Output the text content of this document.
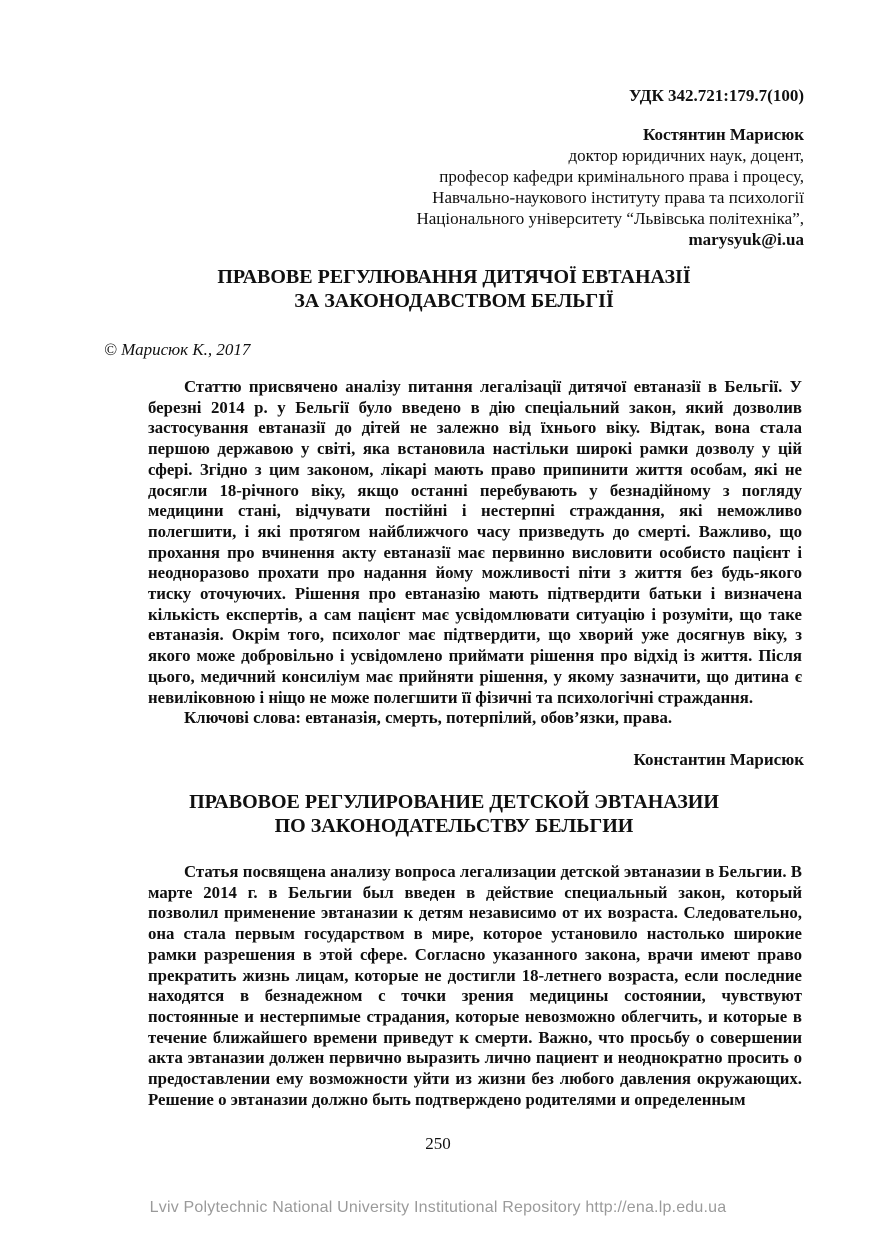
УДК 342.721:179.7(100)

Костянтин Марисюк

доктор юридичних наук, доцент,

професор кафедри кримінального права і процесу,

Навчально-наукового інституту права та психології

Національного університету “Львівська політехніка”,

marysyuk@i.ua

ПРАВОВЕ РЕГУЛЮВАННЯ ДИТЯЧОЇ ЕВТАНАЗІЇ

ЗА ЗАКОНОДАВСТВОМ БЕЛЬГІЇ

© Марисюк К., 2017

Статтю присвячено аналізу питання легалізації дитячої евтаназії в Бельгії. У березні 2014 р. у Бельгії було введено в дію спеціальний закон, який дозволив застосування евтаназії до дітей не залежно від їхнього віку. Відтак, вона стала першою державою у світі, яка встановила настільки широкі рамки дозволу у цій сфері. Згідно з цим законом, лікарі мають право припинити життя особам, які не досягли 18-річного віку, якщо останні перебувають у безнадійному з погляду медицини стані, відчувати постійні і нестерпні страждання, які неможливо полегшити, і які протягом найближчого часу призведуть до смерті. Важливо, що прохання про вчинення акту евтаназії має первинно висловити особисто пацієнт і неодноразово прохати про надання йому можливості піти з життя без будь-якого тиску оточуючих. Рішення про евтаназію мають підтвердити батьки і визначена кількість експертів, а сам пацієнт має усвідомлювати ситуацію і розуміти, що таке евтаназія. Окрім того, психолог має підтвердити, що хворий уже досягнув віку, з якого може добровільно і усвідомлено приймати рішення про відхід із життя. Після цього, медичний консиліум має прийняти рішення, у якому зазначити, що дитина є невиліковною і ніщо не може полегшити її фізичні та психологічні страждання.

Ключові слова: евтаназія, смерть, потерпілий, обов’язки, права.

Константин Марисюк

ПРАВОВОЕ РЕГУЛИРОВАНИЕ ДЕТСКОЙ ЭВТАНАЗИИ

ПО ЗАКОНОДАТЕЛЬСТВУ БЕЛЬГИИ

Статья посвящена анализу вопроса легализации детской эвтаназии в Бельгии. В марте 2014 г. в Бельгии был введен в действие специальный закон, который позволил применение эвтаназии к детям независимо от их возраста. Следовательно, она стала первым государством в мире, которое установило настолько широкие рамки разрешения в этой сфере. Согласно указанного закона, врачи имеют право прекратить жизнь лицам, которые не достигли 18-летнего возраста, если последние находятся в безнадежном с точки зрения медицины состоянии, чувствуют постоянные и нестерпимые страдания, которые невозможно облегчить, и которые в течение ближайшего времени приведут к смерти. Важно, что просьбу о совершении акта эвтаназии должен первично выразить лично пациент и неоднократно просить о предоставлении ему возможности уйти из жизни без любого давления окружающих. Решение о эвтаназии должно быть подтверждено родителями и определенным

250
Lviv Polytechnic National University Institutional Repository http://ena.lp.edu.ua
